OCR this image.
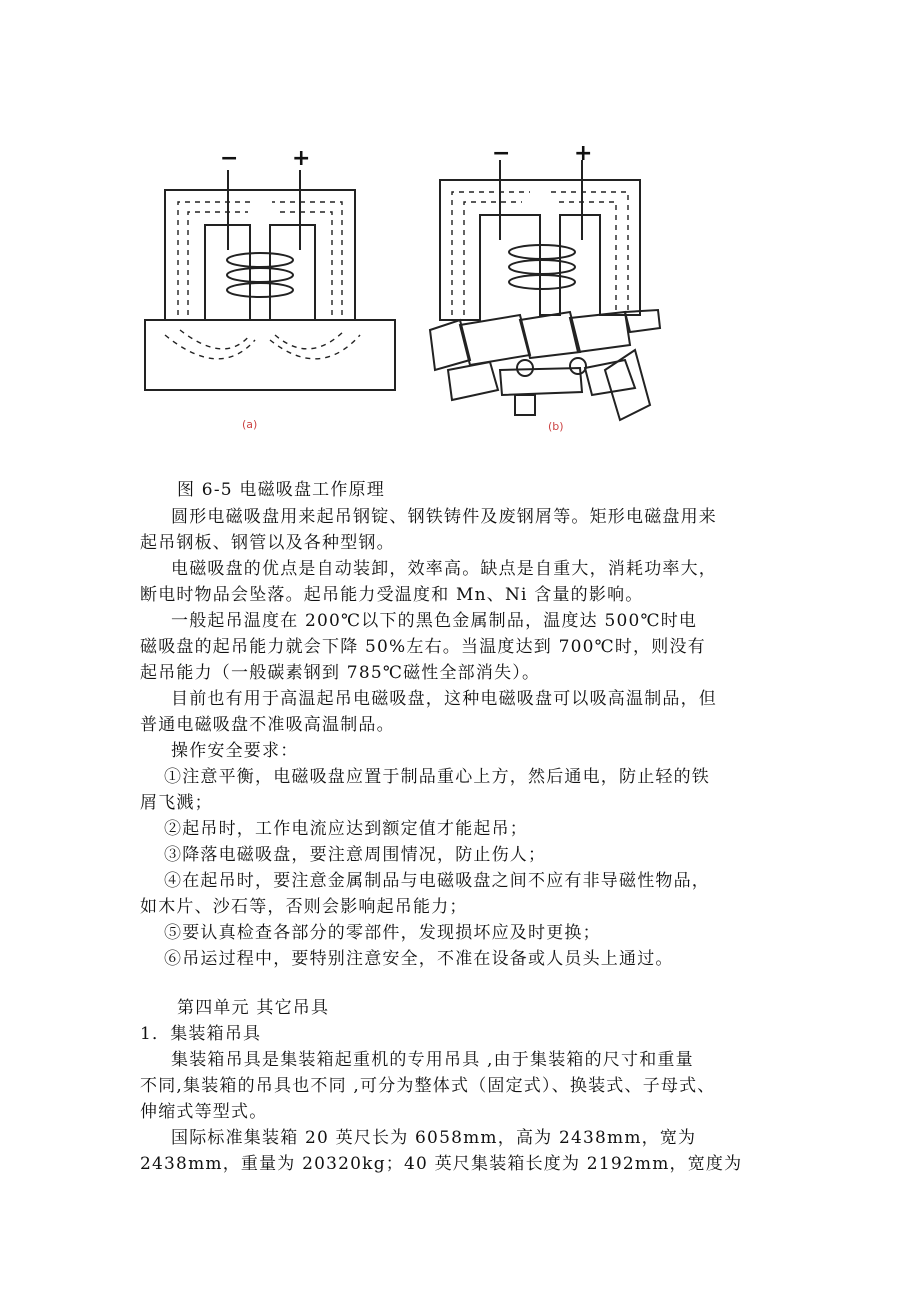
− +	−	+
(a)	(b)
图 6-5 电磁吸盘工作原理
圆形电磁吸盘用来起吊钢锭、钢铁铸件及废钢屑等。矩形电磁盘用来
起吊钢板、钢管以及各种型钢。
电磁吸盘的优点是自动装卸，效率高。缺点是自重大，消耗功率大，
断电时物品会坠落。起吊能力受温度和 Mn、Ni 含量的影响。
一般起吊温度在 200℃以下的黑色金属制品，温度达 500℃时电
磁吸盘的起吊能力就会下降 50%左右。当温度达到 700℃时，则没有
起吊能力（一般碳素钢到 785℃磁性全部消失）。
目前也有用于高温起吊电磁吸盘，这种电磁吸盘可以吸高温制品，但
普通电磁吸盘不准吸高温制品。
操作安全要求：
①注意平衡，电磁吸盘应置于制品重心上方，然后通电，防止轻的铁
屑飞溅；
②起吊时，工作电流应达到额定值才能起吊；
③降落电磁吸盘，要注意周围情况，防止伤人；
④在起吊时，要注意金属制品与电磁吸盘之间不应有非导磁性物品，
如木片、沙石等，否则会影响起吊能力；
⑤要认真检查各部分的零部件，发现损坏应及时更换；
⑥吊运过程中，要特别注意安全，不准在设备或人员头上通过。
第四单元 其它吊具
1．集装箱吊具
集装箱吊具是集装箱起重机的专用吊具 ,由于集装箱的尺寸和重量
不同,集装箱的吊具也不同 ,可分为整体式（固定式）、换装式、子母式、
伸缩式等型式。
国际标准集装箱 20 英尺长为 6058mm，高为 2438mm，宽为
2438mm，重量为 20320kg；40 英尺集装箱长度为 2192mm，宽度为
